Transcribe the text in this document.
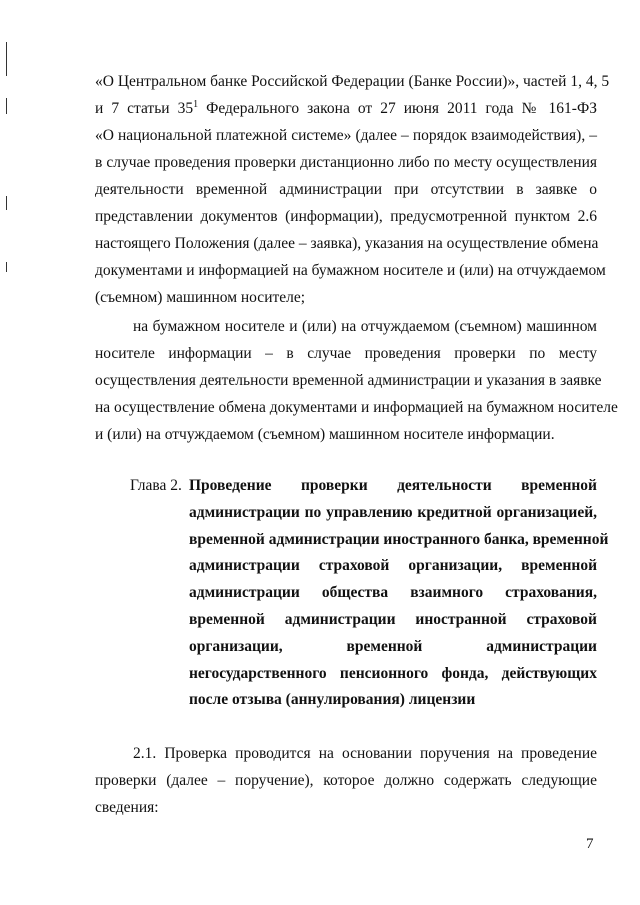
«О Центральном банке Российской Федерации (Банке России)», частей 1, 4, 5
и 7 статьи $35^1$ Федерального закона от 27 июня 2011 года № 161-ФЗ
«О национальной платежной системе» (далее – порядок взаимодействия), –
в случае проведения проверки дистанционно либо по месту осуществления
деятельности временной администрации при отсутствии в заявке о
представлении документов (информации), предусмотренной пунктом 2.6
настоящего Положения (далее – заявка), указания на осуществление обмена
документами и информацией на бумажном носителе и (или) на отчуждаемом
(съемном) машинном носителе;
на бумажном носителе и (или) на отчуждаемом (съемном) машинном
носителе информации – в случае проведения проверки по месту
осуществления деятельности временной администрации и указания в заявке
на осуществление обмена документами и информацией на бумажном носителе
и (или) на отчуждаемом (съемном) машинном носителе информации.
Глава 2. Проведение проверки деятельности временной
администрации по управлению кредитной организацией,
временной администрации иностранного банка, временной
администрации страховой организации, временной
администрации общества взаимного страхования,
временной администрации иностранной страховой
организации, временной администрации
негосударственного пенсионного фонда, действующих
после отзыва (аннулирования) лицензии
2.1. Проверка проводится на основании поручения на проведение
проверки (далее – поручение), которое должно содержать следующие
сведения:
7
